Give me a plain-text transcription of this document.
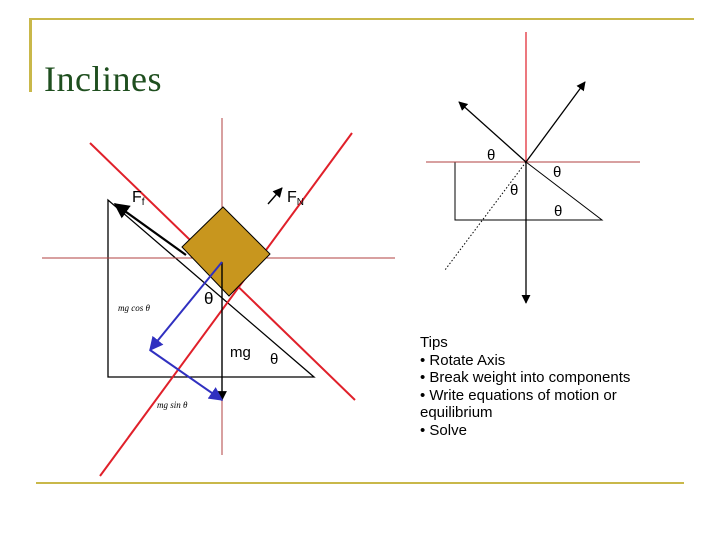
Inclines
Ff	FN
θ
mg cos θ
mg θ
mg sin θ
θ
θ
θ
θ
Tips
• Rotate Axis
• Break weight into components
• Write equations of motion or equilibrium
• Solve
